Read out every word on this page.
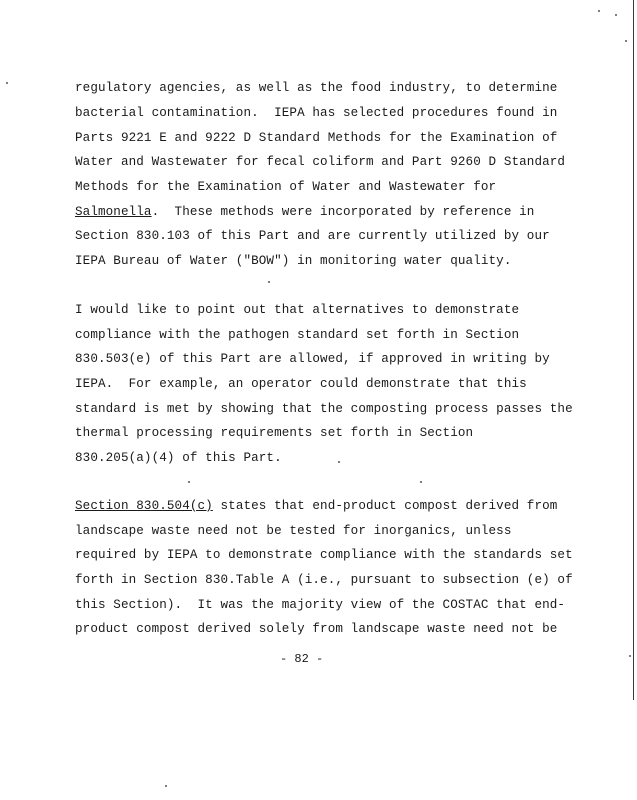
regulatory agencies, as well as the food industry, to determine
bacterial contamination.  IEPA has selected procedures found in
Parts 9221 E and 9222 D Standard Methods for the Examination of
Water and Wastewater for fecal coliform and Part 9260 D Standard
Methods for the Examination of Water and Wastewater for
Salmonella.  These methods were incorporated by reference in
Section 830.103 of this Part and are currently utilized by our
IEPA Bureau of Water ("BOW") in monitoring water quality.
I would like to point out that alternatives to demonstrate
compliance with the pathogen standard set forth in Section
830.503(e) of this Part are allowed, if approved in writing by
IEPA.  For example, an operator could demonstrate that this
standard is met by showing that the composting process passes the
thermal processing requirements set forth in Section
830.205(a)(4) of this Part.
Section 830.504(c) states that end-product compost derived from
landscape waste need not be tested for inorganics, unless
required by IEPA to demonstrate compliance with the standards set
forth in Section 830.Table A (i.e., pursuant to subsection (e) of
this Section).  It was the majority view of the COSTAC that end-
product compost derived solely from landscape waste need not be
- 82 -
